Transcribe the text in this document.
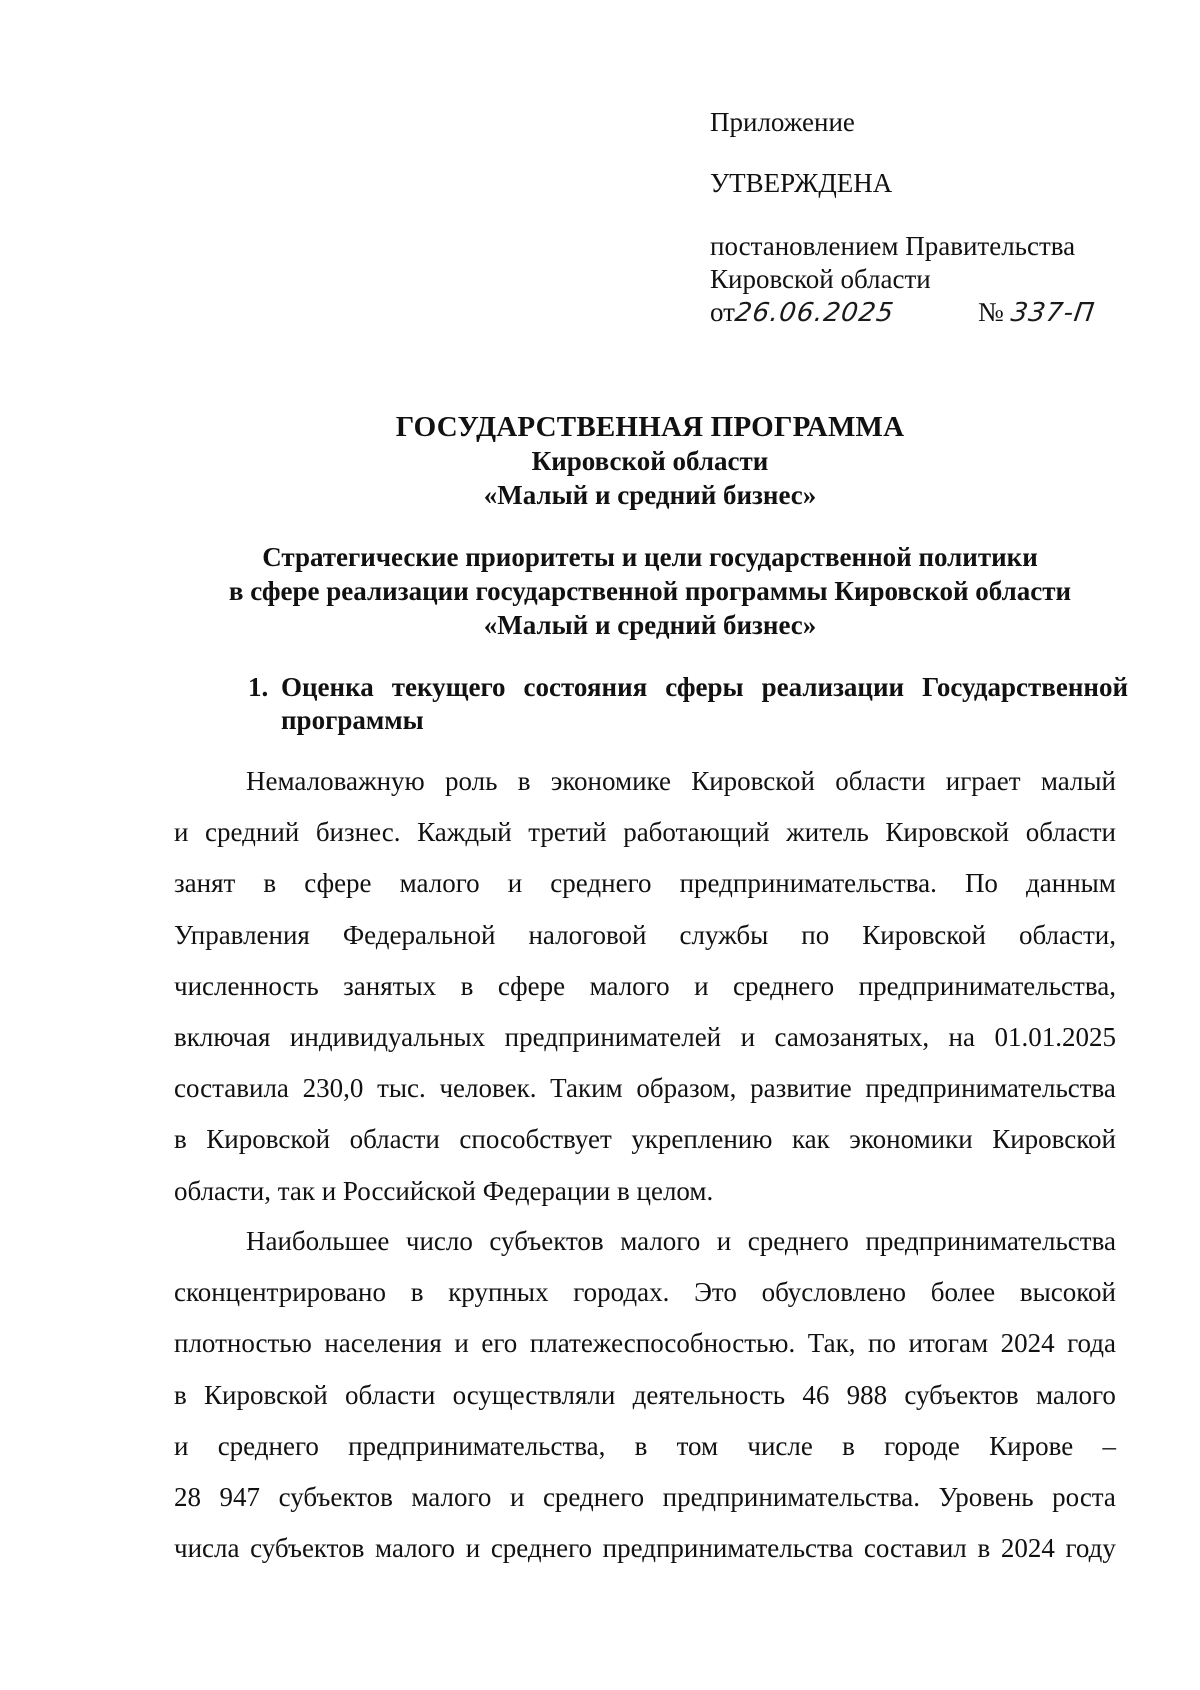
Приложение
УТВЕРЖДЕНА
постановлением Правительства
Кировской области
от26.06.2025	№ 337-П
ГОСУДАРСТВЕННАЯ ПРОГРАММА
Кировской области
«Малый и средний бизнес»
Стратегические приоритеты и цели государственной политики
в сфере реализации государственной программы Кировской области
«Малый и средний бизнес»
1. Оценка текущего состояния сферы реализации Государственной
программы
Немаловажную роль в экономике Кировской области играет малый
и средний бизнес. Каждый третий работающий житель Кировской области
занят в сфере малого и среднего предпринимательства. По данным
Управления Федеральной налоговой службы по Кировской области,
численность занятых в сфере малого и среднего предпринимательства,
включая индивидуальных предпринимателей и самозанятых, на 01.01.2025
составила 230,0 тыс. человек. Таким образом, развитие предпринимательства
в Кировской области способствует укреплению как экономики Кировской
области, так и Российской Федерации в целом.
Наибольшее число субъектов малого и среднего предпринимательства
сконцентрировано в крупных городах. Это обусловлено более высокой
плотностью населения и его платежеспособностью. Так, по итогам 2024 года
в Кировской области осуществляли деятельность 46 988 субъектов малого
и среднего предпринимательства, в том числе в городе Кирове –
28 947 субъектов малого и среднего предпринимательства. Уровень роста
числа субъектов малого и среднего предпринимательства составил в 2024 году
